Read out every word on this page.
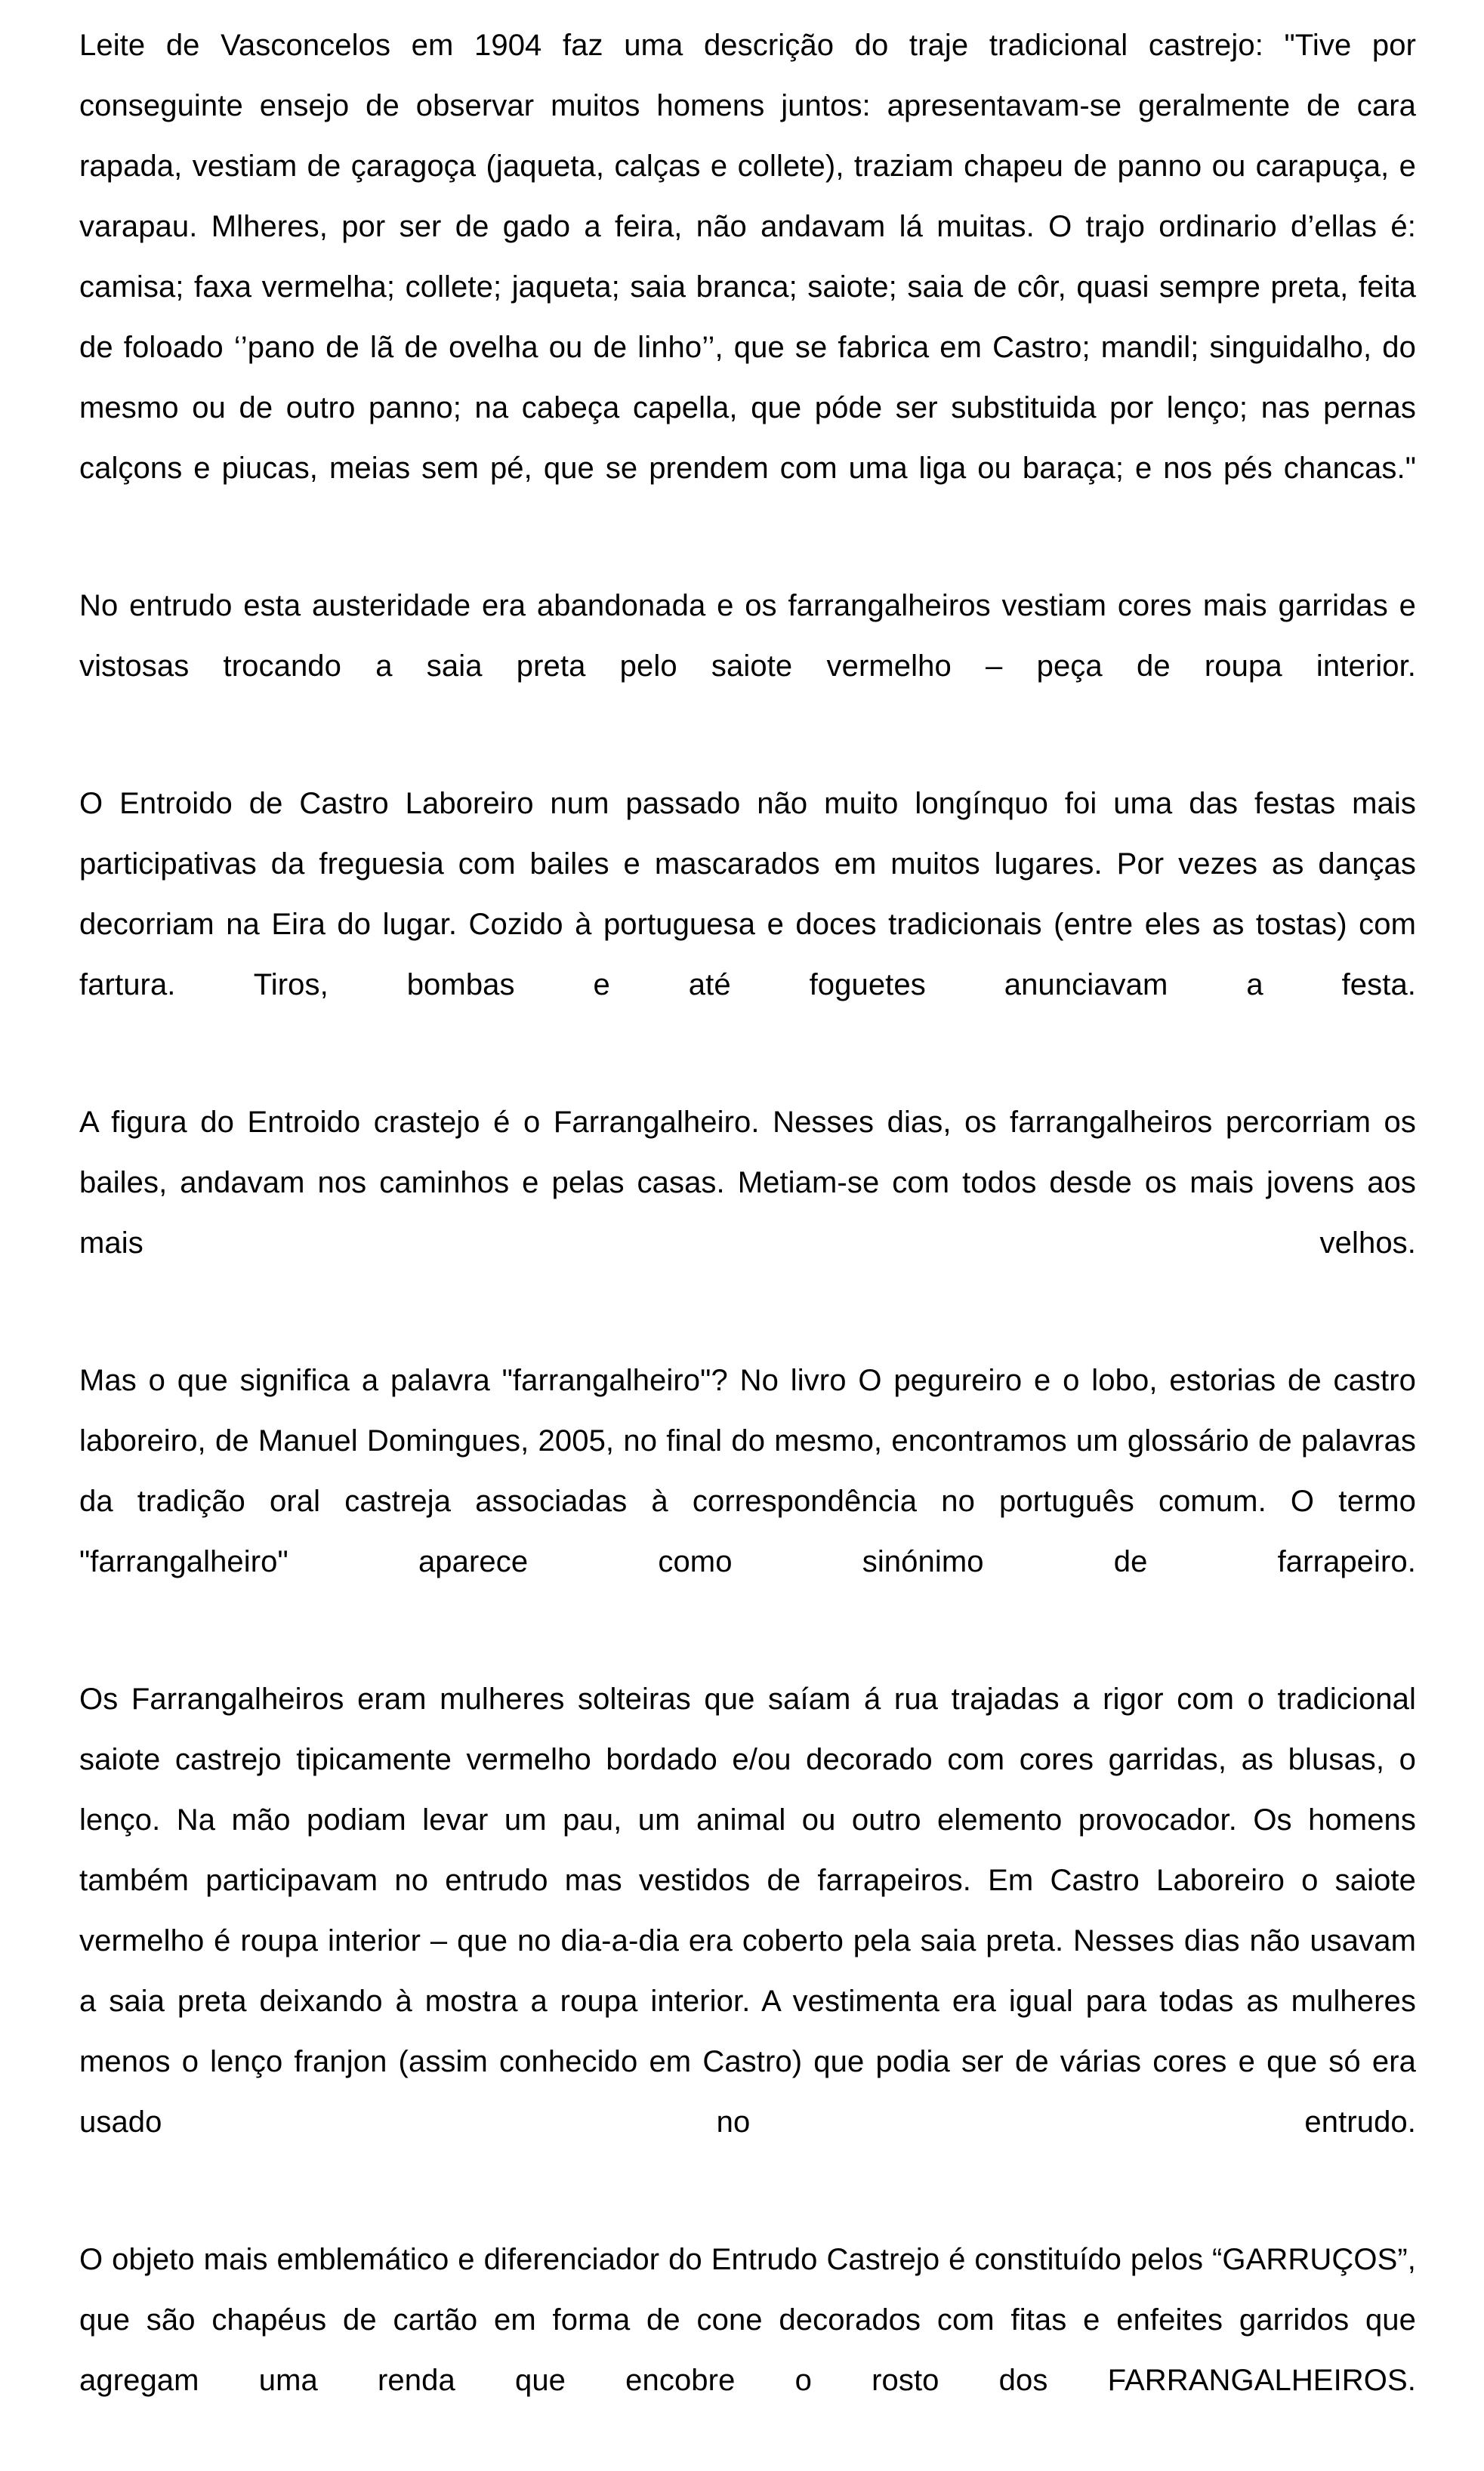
Leite de Vasconcelos em 1904 faz uma descrição do traje tradicional castrejo: "Tive por conseguinte ensejo de observar muitos homens juntos: apresentavam-se geralmente de cara rapada, vestiam de çaragoça (jaqueta, calças e collete), traziam chapeu de panno ou carapuça, e varapau. Mlheres, por ser de gado a feira, não andavam lá muitas. O trajo ordinario d’ellas é: camisa; faxa vermelha; collete; jaqueta; saia branca; saiote; saia de côr, quasi sempre preta, feita de foloado ‘’pano de lã de ovelha ou de linho’’, que se fabrica em Castro; mandil; singuidalho, do mesmo ou de outro panno; na cabeça capella, que póde ser substituida por lenço; nas pernas calçons e piucas, meias sem pé, que se prendem com uma liga ou baraça; e nos pés chancas."

No entrudo esta austeridade era abandonada e os farrangalheiros vestiam cores mais garridas e vistosas trocando a saia preta pelo saiote vermelho – peça de roupa interior.

O Entroido de Castro Laboreiro num passado não muito longínquo foi uma das festas mais participativas da freguesia com bailes e mascarados em muitos lugares. Por vezes as danças decorriam na Eira do lugar. Cozido à portuguesa e doces tradicionais (entre eles as tostas) com fartura. Tiros, bombas e até foguetes anunciavam a festa.

A figura do Entroido crastejo é o Farrangalheiro. Nesses dias, os farrangalheiros percorriam os bailes, andavam nos caminhos e pelas casas. Metiam-se com todos desde os mais jovens aos mais velhos.

Mas o que significa a palavra "farrangalheiro"? No livro O pegureiro e o lobo, estorias de castro laboreiro, de Manuel Domingues, 2005, no final do mesmo, encontramos um glossário de palavras da tradição oral castreja associadas à correspondência no português comum. O termo "farrangalheiro" aparece como sinónimo de farrapeiro.

Os Farrangalheiros eram mulheres solteiras que saíam á rua trajadas a rigor com o tradicional saiote castrejo tipicamente vermelho bordado e/ou decorado com cores garridas, as blusas, o lenço. Na mão podiam levar um pau, um animal ou outro elemento provocador. Os homens também participavam no entrudo mas vestidos de farrapeiros. Em Castro Laboreiro o saiote vermelho é roupa interior – que no dia-a-dia era coberto pela saia preta. Nesses dias não usavam a saia preta deixando à mostra a roupa interior. A vestimenta era igual para todas as mulheres menos o lenço franjon (assim conhecido em Castro) que podia ser de várias cores e que só era usado no entrudo.

O objeto mais emblemático e diferenciador do Entrudo Castrejo é constituído pelos “GARRUÇOS”, que são chapéus de cartão em forma de cone decorados com fitas e enfeites garridos que agregam uma renda que encobre o rosto dos FARRANGALHEIROS.
